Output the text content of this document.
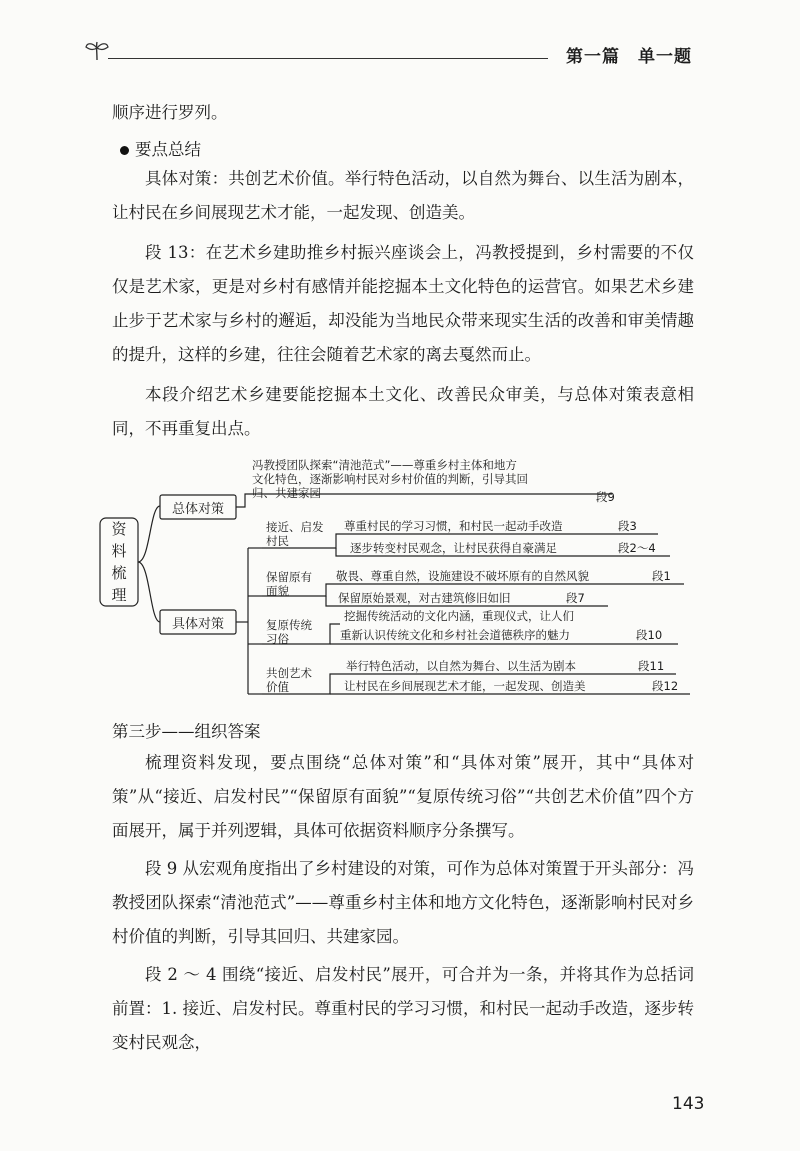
第一篇　单一题

顺序进行罗列。

要点总结

具体对策：共创艺术价值。举行特色活动，以自然为舞台、以生活为剧本，让村民在乡间展现艺术才能，一起发现、创造美。

段 13：在艺术乡建助推乡村振兴座谈会上，冯教授提到，乡村需要的不仅仅是艺术家，更是对乡村有感情并能挖掘本土文化特色的运营官。如果艺术乡建止步于艺术家与乡村的邂逅，却没能为当地民众带来现实生活的改善和审美情趣的提升，这样的乡建，往往会随着艺术家的离去戛然而止。

本段介绍艺术乡建要能挖掘本土文化、改善民众审美，与总体对策表意相同，不再重复出点。

资
料
梳
理
总体对策
冯教授团队探索“清池范式”——尊重乡村主体和地方
文化特色，逐渐影响村民对乡村价值的判断，引导其回
归、共建家园	段9
具体对策
接近、启发
村民
尊重村民的学习习惯，和村民一起动手改造	段3
逐步转变村民观念，让村民获得自豪满足	段2～4
保留原有
面貌
敬畏、尊重自然，设施建设不破坏原有的自然风貌	段1
保留原始景观，对古建筑修旧如旧	段7
复原传统
习俗
挖掘传统活动的文化内涵，重现仪式，让人们
重新认识传统文化和乡村社会道德秩序的魅力	段10
共创艺术
价值
举行特色活动，以自然为舞台、以生活为剧本	段11
让村民在乡间展现艺术才能，一起发现、创造美	段12
第三步——组织答案

梳理资料发现，要点围绕“总体对策”和“具体对策”展开，其中“具体对策”从“接近、启发村民”“保留原有面貌”“复原传统习俗”“共创艺术价值”四个方面展开，属于并列逻辑，具体可依据资料顺序分条撰写。

段 9 从宏观角度指出了乡村建设的对策，可作为总体对策置于开头部分：冯教授团队探索“清池范式”——尊重乡村主体和地方文化特色，逐渐影响村民对乡村价值的判断，引导其回归、共建家园。

段 2 ～ 4 围绕“接近、启发村民”展开，可合并为一条，并将其作为总括词前置：1. 接近、启发村民。尊重村民的学习习惯，和村民一起动手改造，逐步转变村民观念，

143
